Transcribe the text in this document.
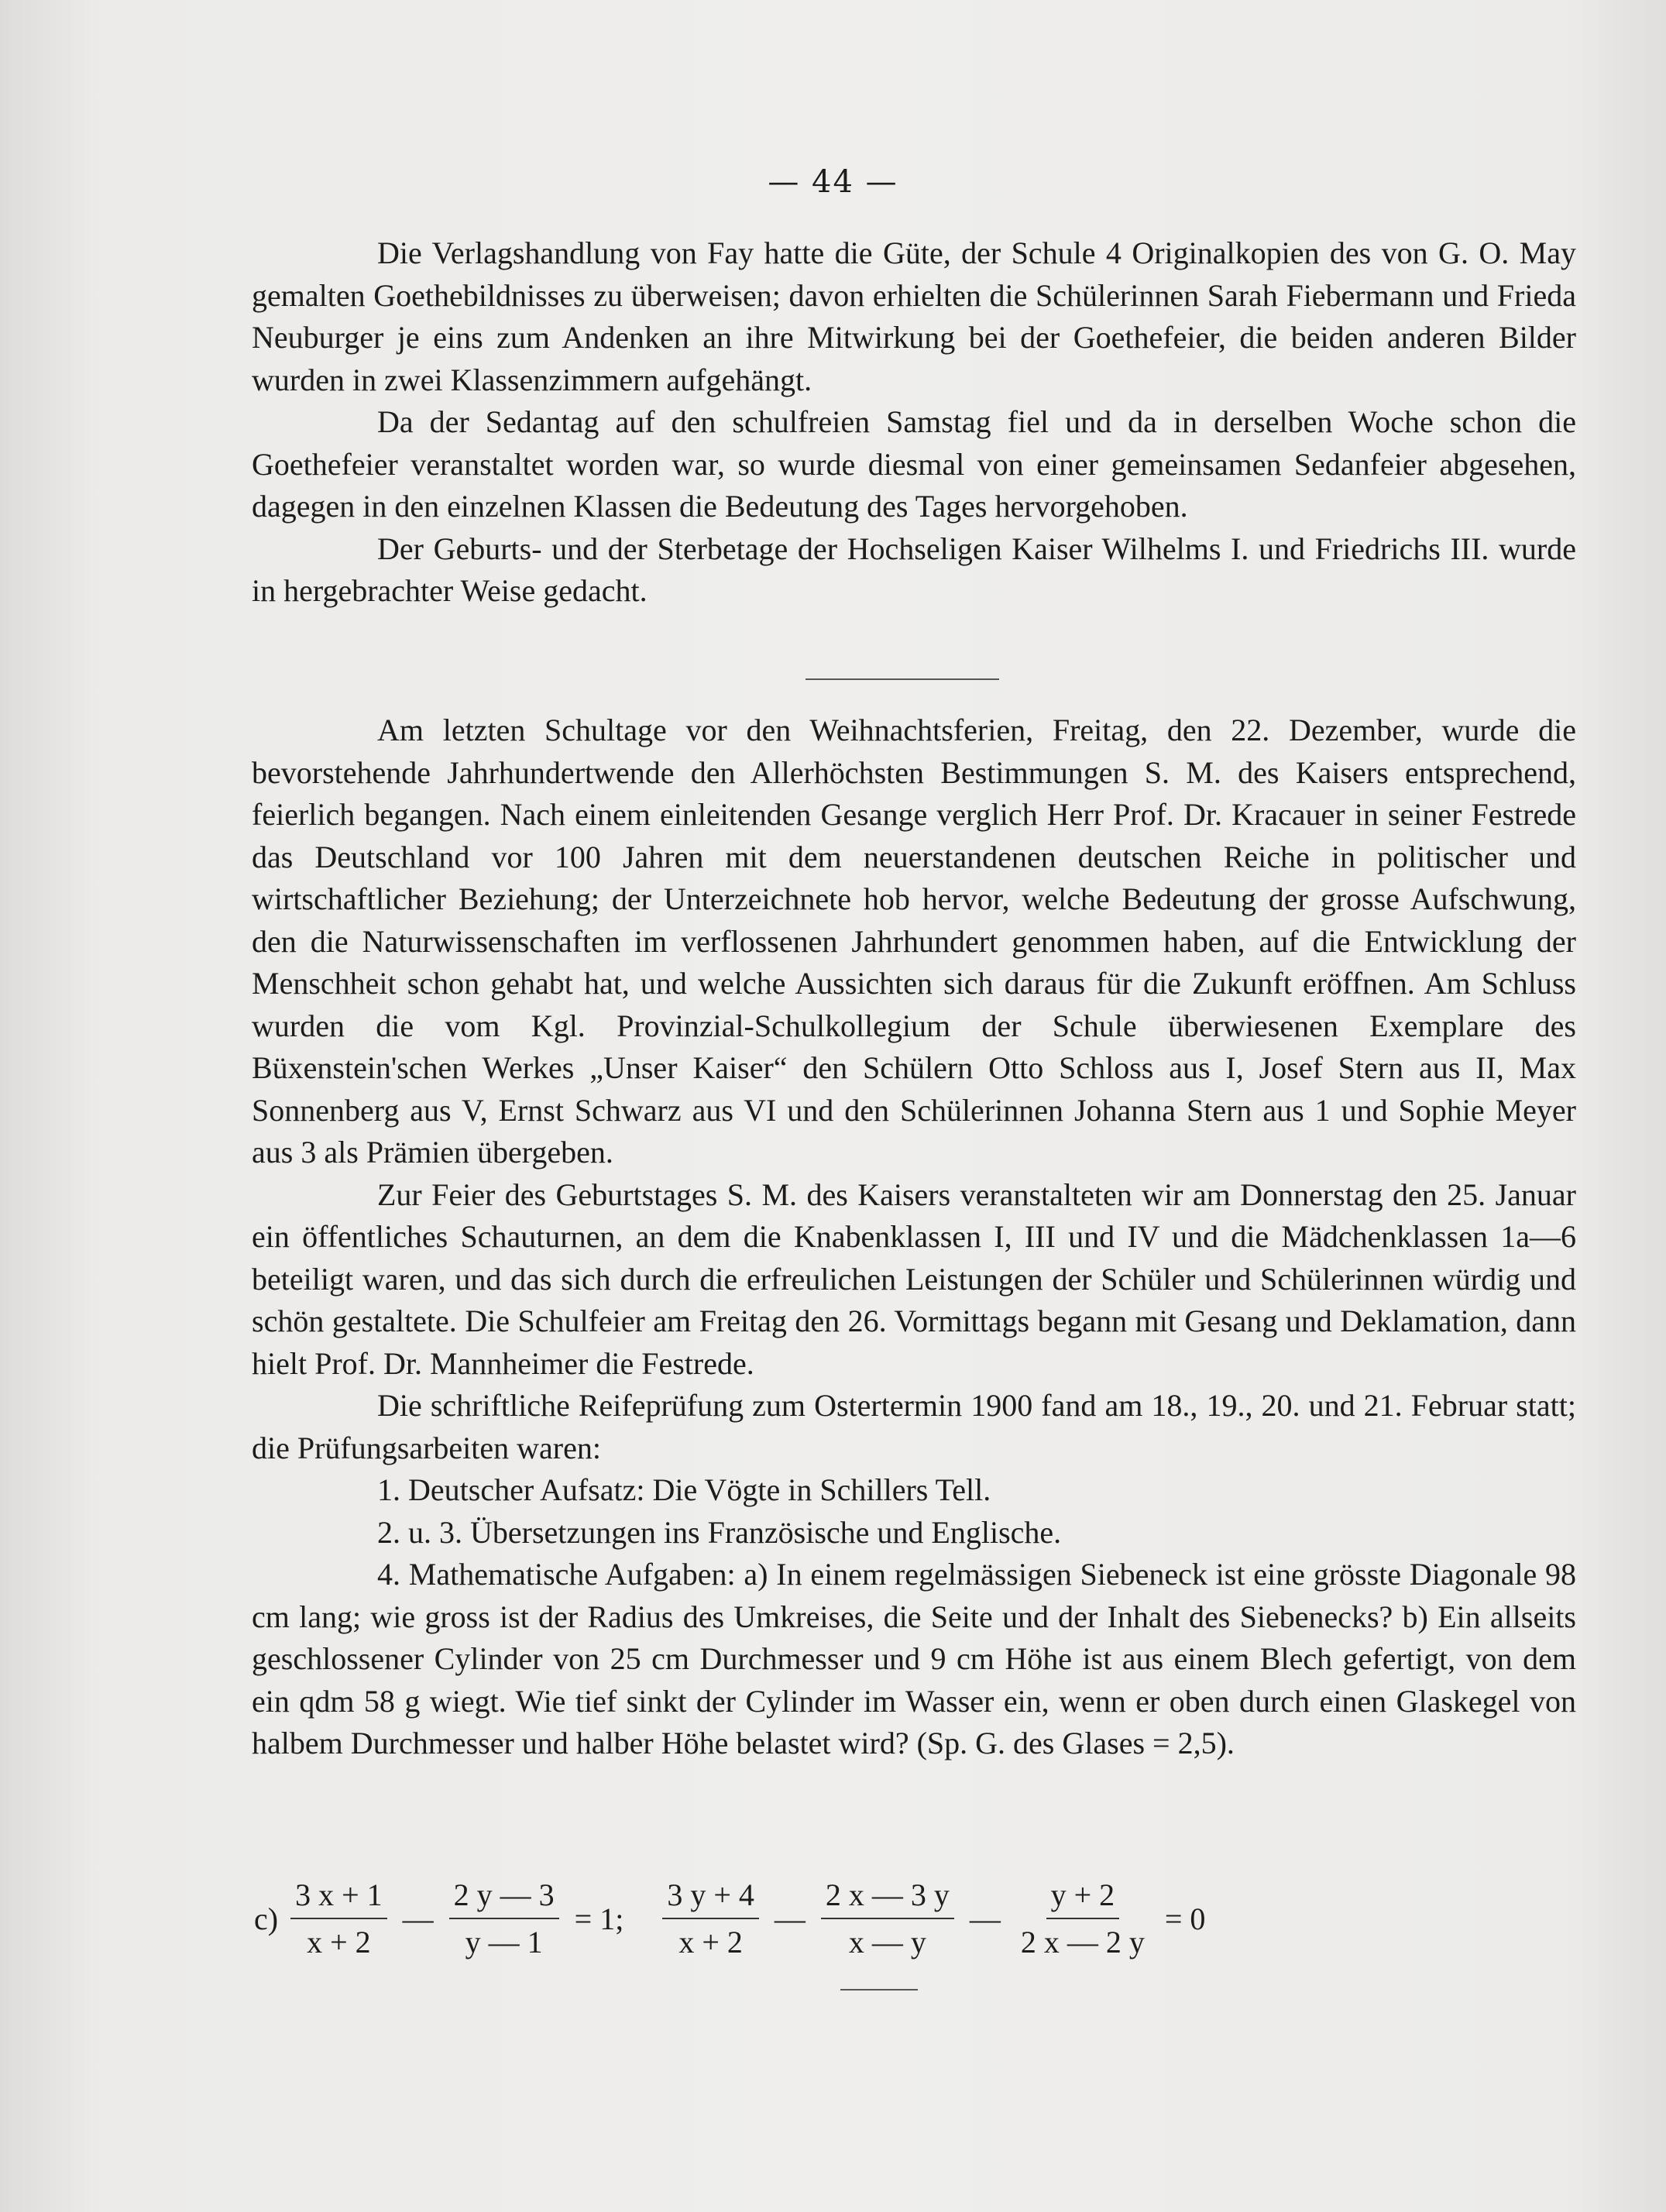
— 44 —

Die Verlagshandlung von Fay hatte die Güte, der Schule 4 Originalkopien des von G. O. May gemalten Goethebildnisses zu überweisen; davon erhielten die Schülerinnen Sarah Fiebermann und Frieda Neuburger je eins zum Andenken an ihre Mitwirkung bei der Goethefeier, die beiden anderen Bilder wurden in zwei Klassenzimmern aufgehängt.

Da der Sedantag auf den schulfreien Samstag fiel und da in derselben Woche schon die Goethefeier veranstaltet worden war, so wurde diesmal von einer gemeinsamen Sedanfeier abgesehen, dagegen in den einzelnen Klassen die Bedeutung des Tages hervorgehoben.

Der Geburts- und der Sterbetage der Hochseligen Kaiser Wilhelms I. und Friedrichs III. wurde in hergebrachter Weise gedacht.

Am letzten Schultage vor den Weihnachtsferien, Freitag, den 22. Dezember, wurde die bevorstehende Jahrhundertwende den Allerhöchsten Bestimmungen S. M. des Kaisers entsprechend, feierlich begangen. Nach einem einleitenden Gesange verglich Herr Prof. Dr. Kracauer in seiner Festrede das Deutschland vor 100 Jahren mit dem neuerstandenen deutschen Reiche in politischer und wirtschaftlicher Beziehung; der Unterzeichnete hob hervor, welche Bedeutung der grosse Aufschwung, den die Naturwissenschaften im verflossenen Jahrhundert genommen haben, auf die Entwicklung der Menschheit schon gehabt hat, und welche Aussichten sich daraus für die Zukunft eröffnen. Am Schluss wurden die vom Kgl. Provinzial-Schulkollegium der Schule überwiesenen Exemplare des Büxenstein'schen Werkes „Unser Kaiser“ den Schülern Otto Schloss aus I, Josef Stern aus II, Max Sonnenberg aus V, Ernst Schwarz aus VI und den Schülerinnen Johanna Stern aus 1 und Sophie Meyer aus 3 als Prämien übergeben.

Zur Feier des Geburtstages S. M. des Kaisers veranstalteten wir am Donnerstag den 25. Januar ein öffentliches Schauturnen, an dem die Knabenklassen I, III und IV und die Mädchenklassen 1a—6 beteiligt waren, und das sich durch die erfreulichen Leistungen der Schüler und Schülerinnen würdig und schön gestaltete. Die Schulfeier am Freitag den 26. Vormittags begann mit Gesang und Deklamation, dann hielt Prof. Dr. Mannheimer die Festrede.

Die schriftliche Reifeprüfung zum Ostertermin 1900 fand am 18., 19., 20. und 21. Februar statt; die Prüfungsarbeiten waren:

1. Deutscher Aufsatz: Die Vögte in Schillers Tell.

2. u. 3. Übersetzungen ins Französische und Englische.

4. Mathematische Aufgaben: a) In einem regelmässigen Siebeneck ist eine grösste Diagonale 98 cm lang; wie gross ist der Radius des Umkreises, die Seite und der Inhalt des Siebenecks? b) Ein allseits geschlossener Cylinder von 25 cm Durchmesser und 9 cm Höhe ist aus einem Blech gefertigt, von dem ein qdm 58 g wiegt. Wie tief sinkt der Cylinder im Wasser ein, wenn er oben durch einen Glaskegel von halbem Durchmesser und halber Höhe belastet wird? (Sp. G. des Glases = 2,5).

$c) \frac{3 x + 1}{x + 2}$ — $\frac{2 y — 3}{y — 1} = 1$; $\frac{3 y + 4}{x + 2}$ — $\frac{2 x — 3 y}{x — y}$ — $\frac{y + 2}{2 x — 2 y} = 0$
